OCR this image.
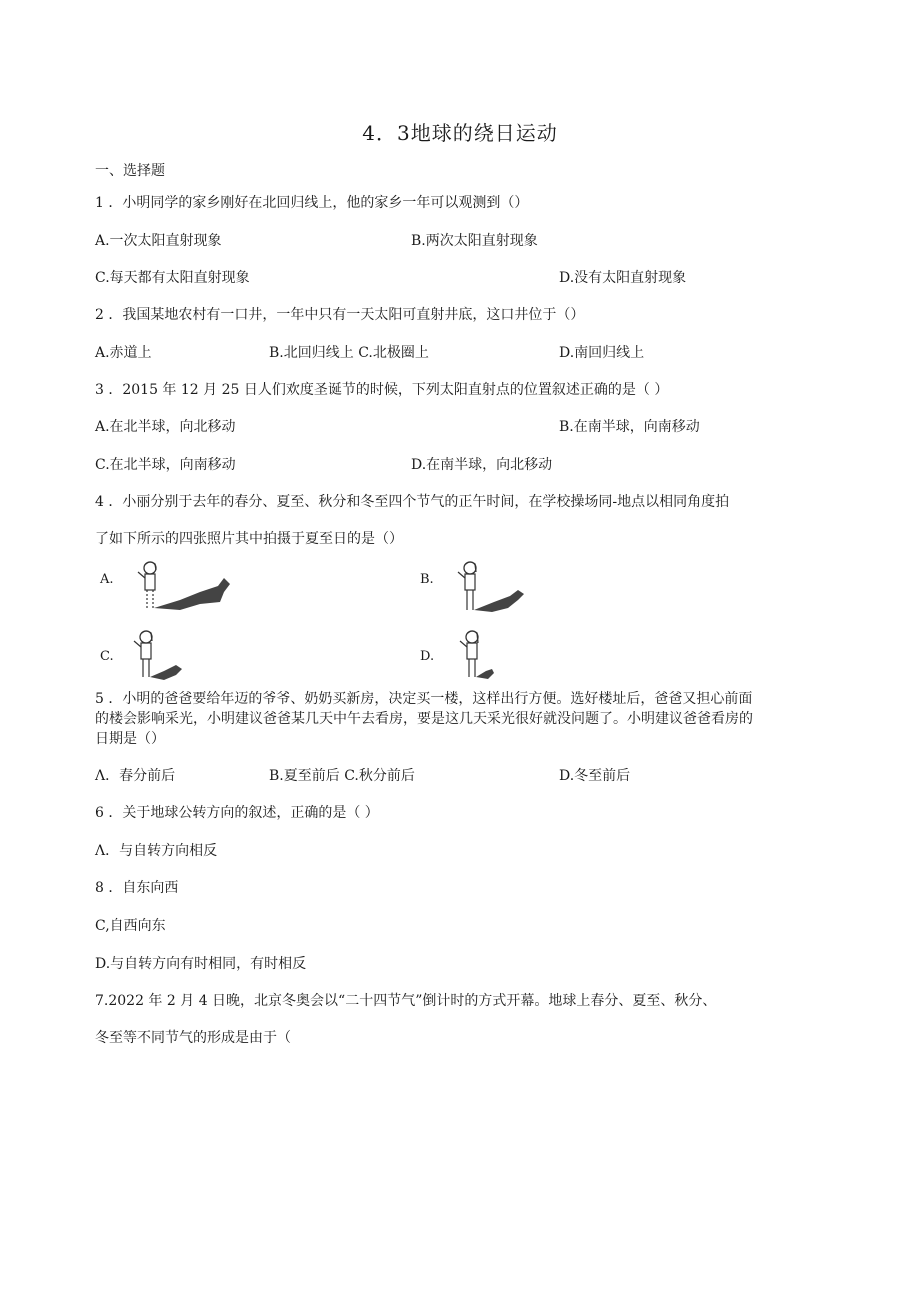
4．3地球的绕日运动
一、选择题
1 ．小明同学的家乡刚好在北回归线上，他的家乡一年可以观测到（）
A.一次太阳直射现象	B.两次太阳直射现象
C.每天都有太阳直射现象	D.没有太阳直射现象
2 ．我国某地农村有一口井，一年中只有一天太阳可直射井底，这口井位于（）
A.赤道上	B.北回归线上 C.北极圈上	D.南回归线上
3 ．2015 年 12 月 25 日人们欢度圣诞节的时候，下列太阳直射点的位置叙述正确的是（ ）
A.在北半球，向北移动	B.在南半球，向南移动
C.在北半球，向南移动	D.在南半球，向北移动
4 ．小丽分别于去年的春分、夏至、秋分和冬至四个节气的正午时间，在学校操场同-地点以相同角度拍
了如下所示的四张照片其中拍摄于夏至日的是（）
A.	B.
C.	D.
5 ．小明的爸爸要给年迈的爷爷、奶奶买新房，决定买一楼，这样出行方便。选好楼址后，爸爸又担心前面
的楼会影响采光，小明建议爸爸某几天中午去看房，要是这几天采光很好就没问题了。小明建议爸爸看房的
日期是（）
Λ．春分前后	B.夏至前后 C.秋分前后	D.冬至前后
6 ．关于地球公转方向的叙述，正确的是（ ）
Λ．与自转方向相反
8 ．自东向西
C,自西向东
D.与自转方向有时相同，有时相反
7.2022 年 2 月 4 日晚，北京冬奥会以“二十四节气”倒计时的方式开幕。地球上春分、夏至、秋分、
冬至等不同节气的形成是由于（
